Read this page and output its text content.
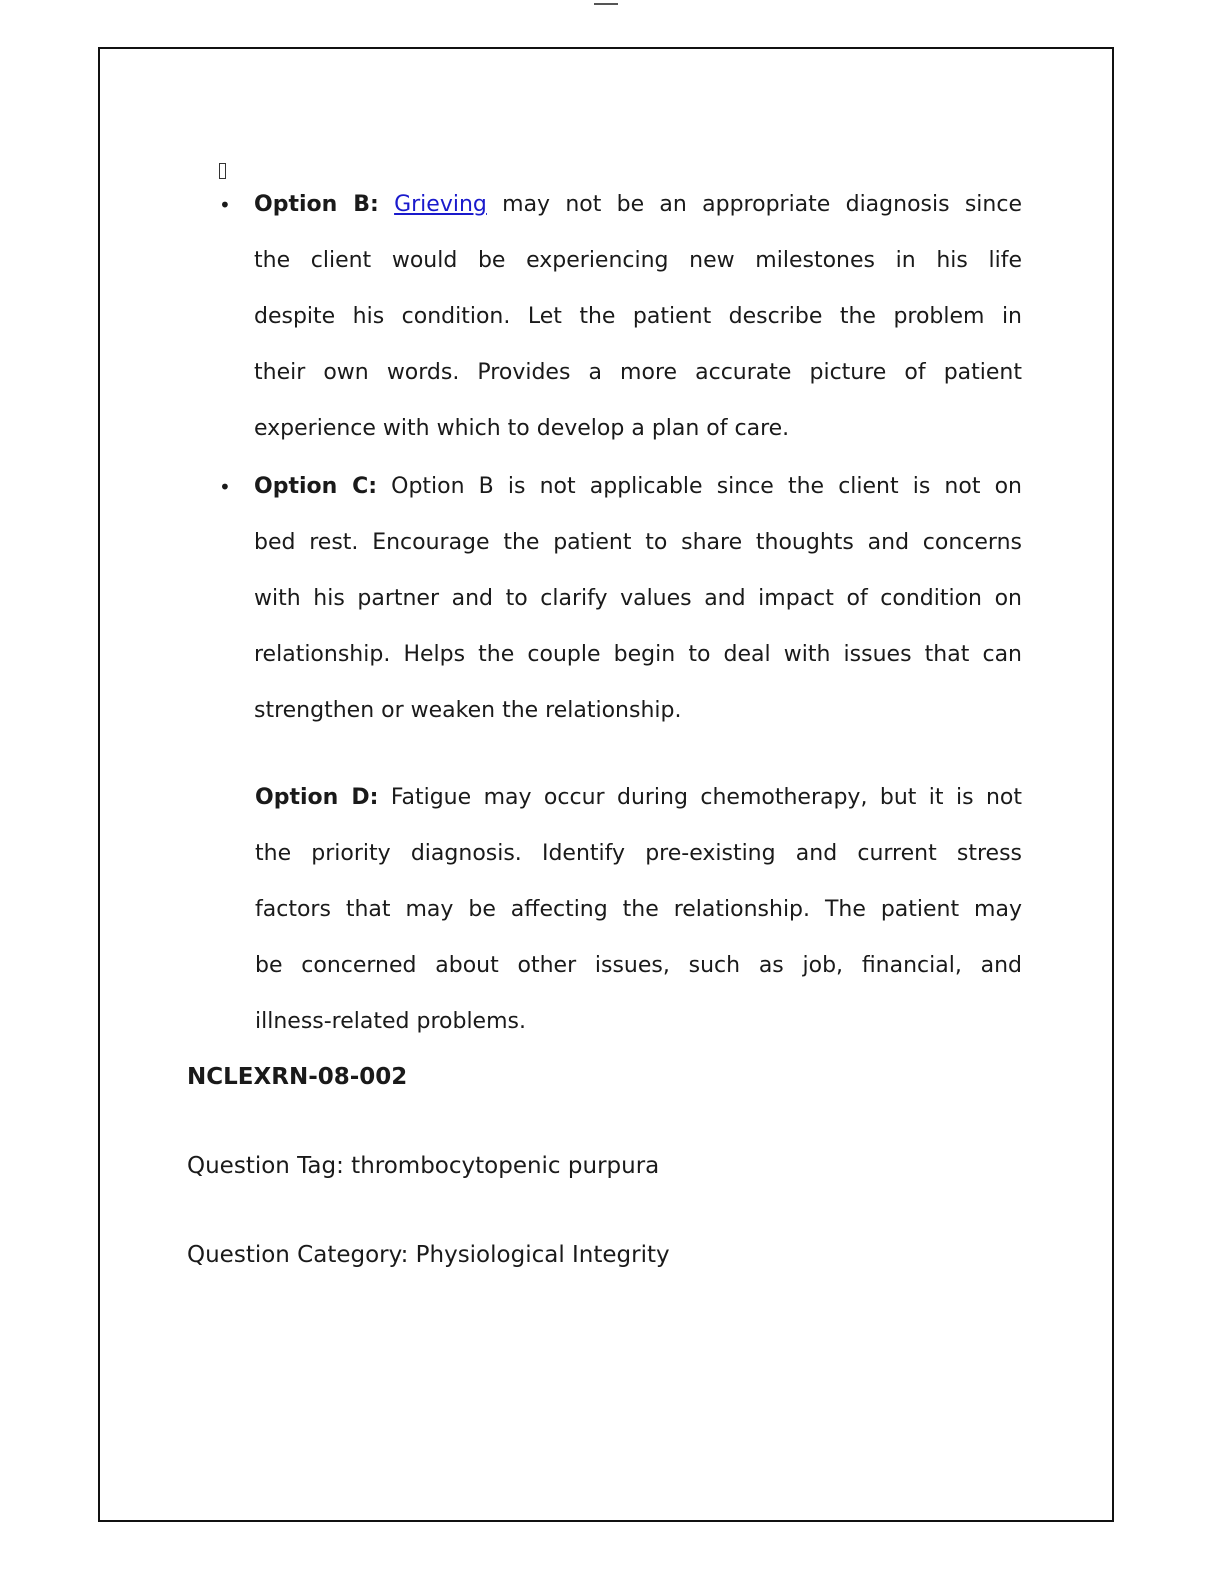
• Option B: Grieving may not be an appropriate diagnosis since
the client would be experiencing new milestones in his life
despite his condition. Let the patient describe the problem in
their own words. Provides a more accurate picture of patient
experience with which to develop a plan of care.
• Option C: Option B is not applicable since the client is not on
bed rest. Encourage the patient to share thoughts and concerns
with his partner and to clarify values and impact of condition on
relationship. Helps the couple begin to deal with issues that can
strengthen or weaken the relationship.
Option D: Fatigue may occur during chemotherapy, but it is not
the priority diagnosis. Identify pre-existing and current stress
factors that may be affecting the relationship. The patient may
be concerned about other issues, such as job, financial, and
illness-related problems.
NCLEXRN-08-002

Question Tag: thrombocytopenic purpura

Question Category: Physiological Integrity
